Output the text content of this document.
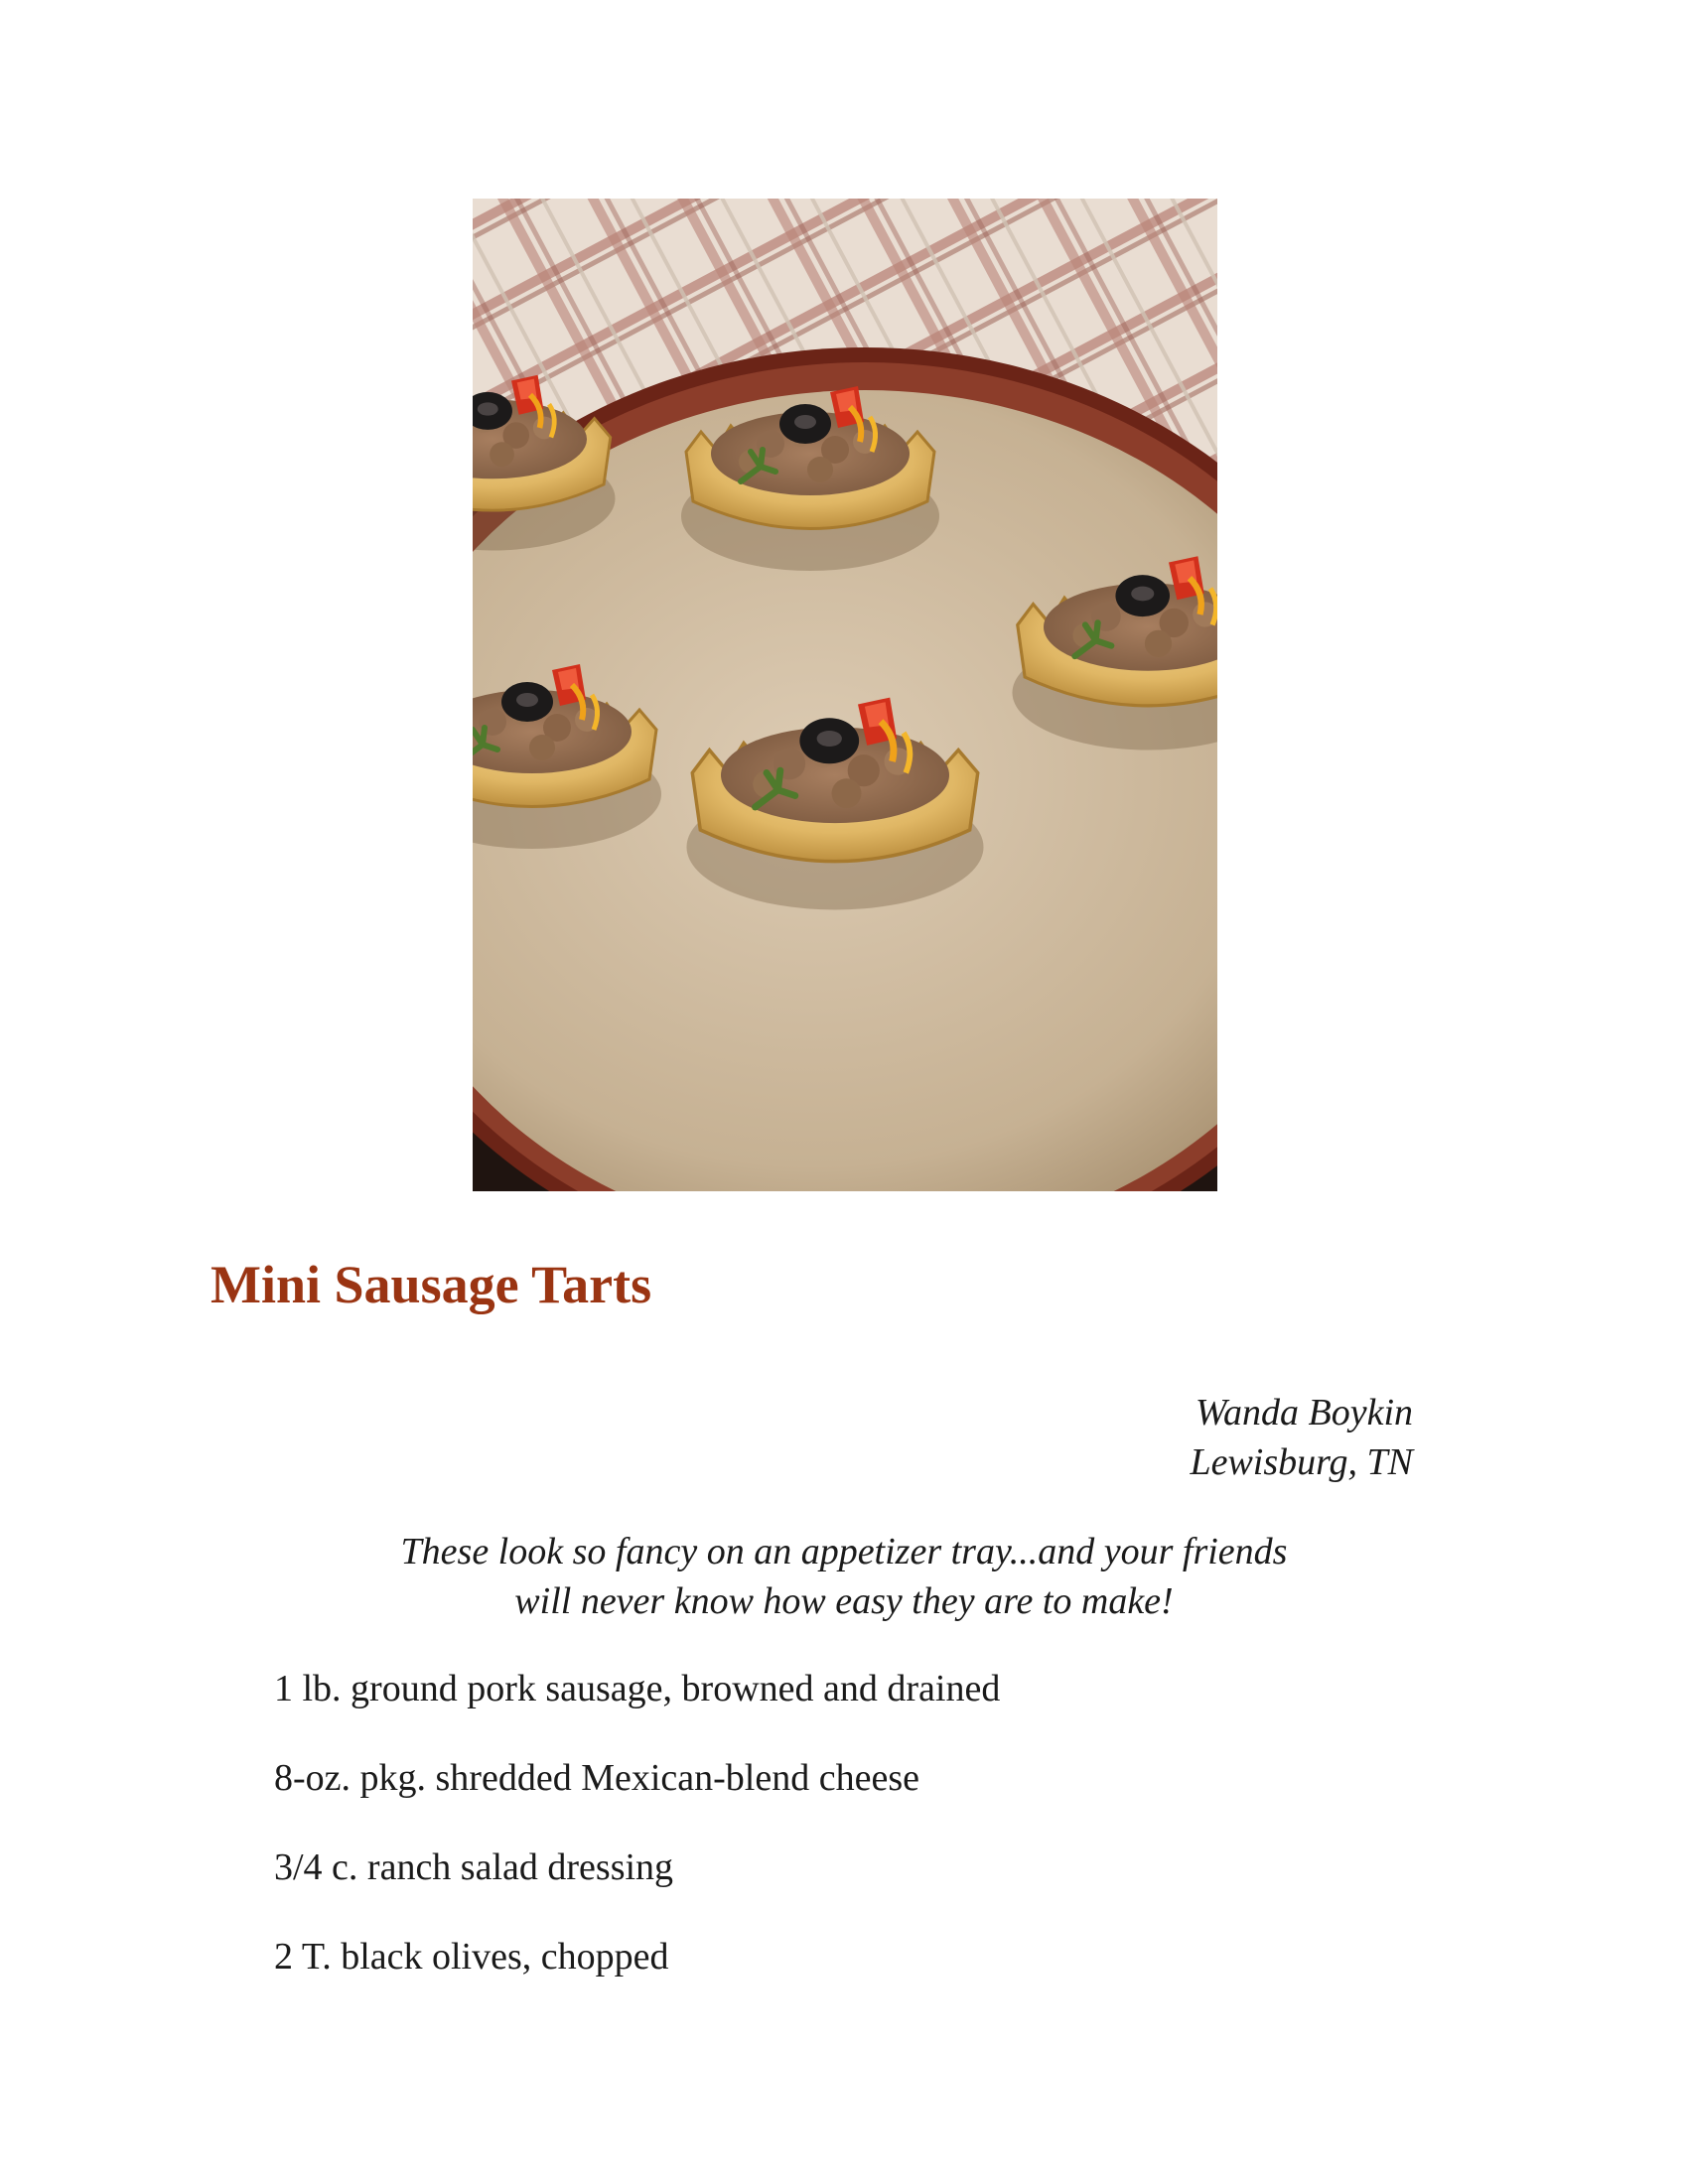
Mini Sausage Tarts
Wanda Boykin
Lewisburg, TN
These look so fancy on an appetizer tray...and your friends
will never know how easy they are to make!
1 lb. ground pork sausage, browned and drained
8-oz. pkg. shredded Mexican-blend cheese
3/4 c. ranch salad dressing
2 T. black olives, chopped
